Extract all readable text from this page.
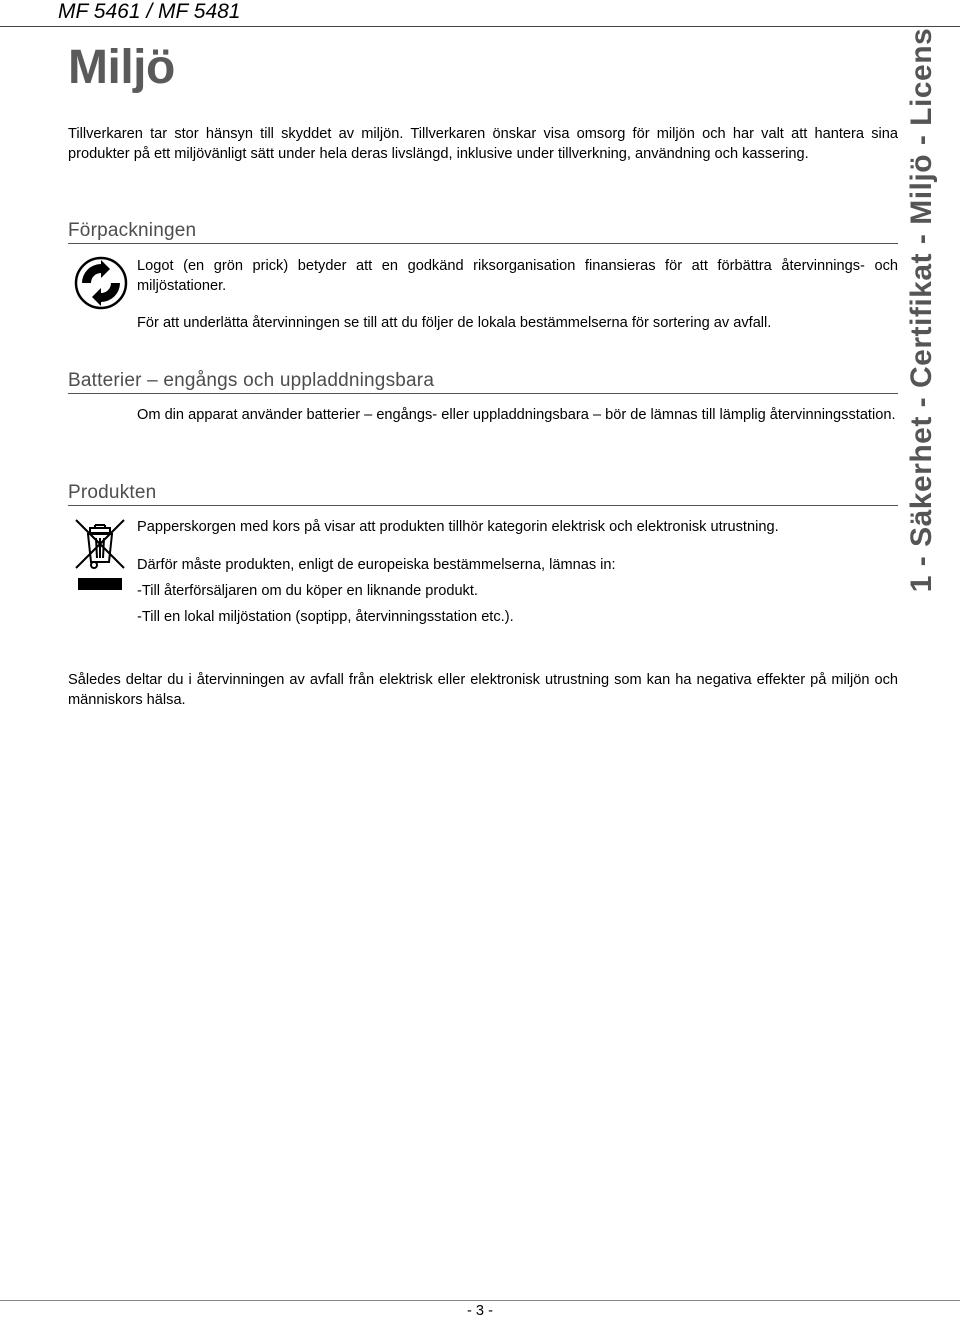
MF 5461 / MF 5481
Miljö
Tillverkaren tar stor hänsyn till skyddet av miljön. Tillverkaren önskar visa omsorg för miljön och har valt att hantera sina produkter på ett miljövänligt sätt under hela deras livslängd, inklusive under tillverkning, användning och kassering.
Förpackningen
Logot (en grön prick) betyder att en godkänd riksorganisation finansieras för att förbättra återvinnings- och miljöstationer.
För att underlätta återvinningen se till att du följer de lokala bestämmelserna för sortering av avfall.
Batterier – engångs och uppladdningsbara
Om din apparat använder batterier – engångs- eller uppladdningsbara – bör de lämnas till lämplig återvinningsstation.
Produkten
Papperskorgen med kors på visar att produkten tillhör kategorin elektrisk och elektronisk utrustning.
Därför måste produkten, enligt de europeiska bestämmelserna, lämnas in:
-Till återförsäljaren om du köper en liknande produkt.
-Till en lokal miljöstation (soptipp, återvinningsstation etc.).
Således deltar du i återvinningen av avfall från elektrisk eller elektronisk utrustning som kan ha negativa effekter på miljön och människors hälsa.
1 - Säkerhet - Certifikat - Miljö - Licens
- 3 -
